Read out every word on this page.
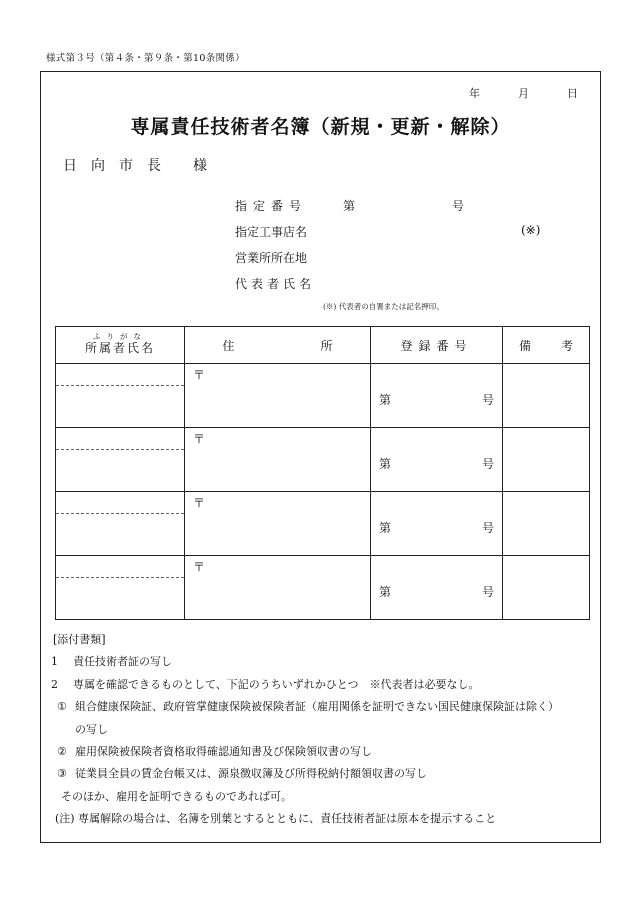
様式第３号（第４条・第９条・第10条関係）
年	月	日
専属責任技術者名簿（新規・更新・解除）
日向市長 様
指定番号	第	号
指定工事店名	(※)
営業所所在地
代表者氏名
(※) 代表者の自署または記名押印。
ふりがな
所属者氏名	住 所	登録番号	備 考

	〒	第 号	

	〒	第 号	

	〒	第 号	

	〒	第 号	

[添付書類]
1 責任技術者証の写し
2 専属を確認できるものとして、下記のうちいずれかひとつ　※代表者は必要なし。
① 組合健康保険証、政府管掌健康保険被保険者証（雇用関係を証明できない国民健康保険証は除く）
の写し
② 雇用保険被保険者資格取得確認通知書及び保険領収書の写し
③ 従業員全員の賃金台帳又は、源泉徴収簿及び所得税納付額領収書の写し
そのほか、雇用を証明できるものであれば可。
(注) 専属解除の場合は、名簿を別葉とするとともに、責任技術者証は原本を提示すること
